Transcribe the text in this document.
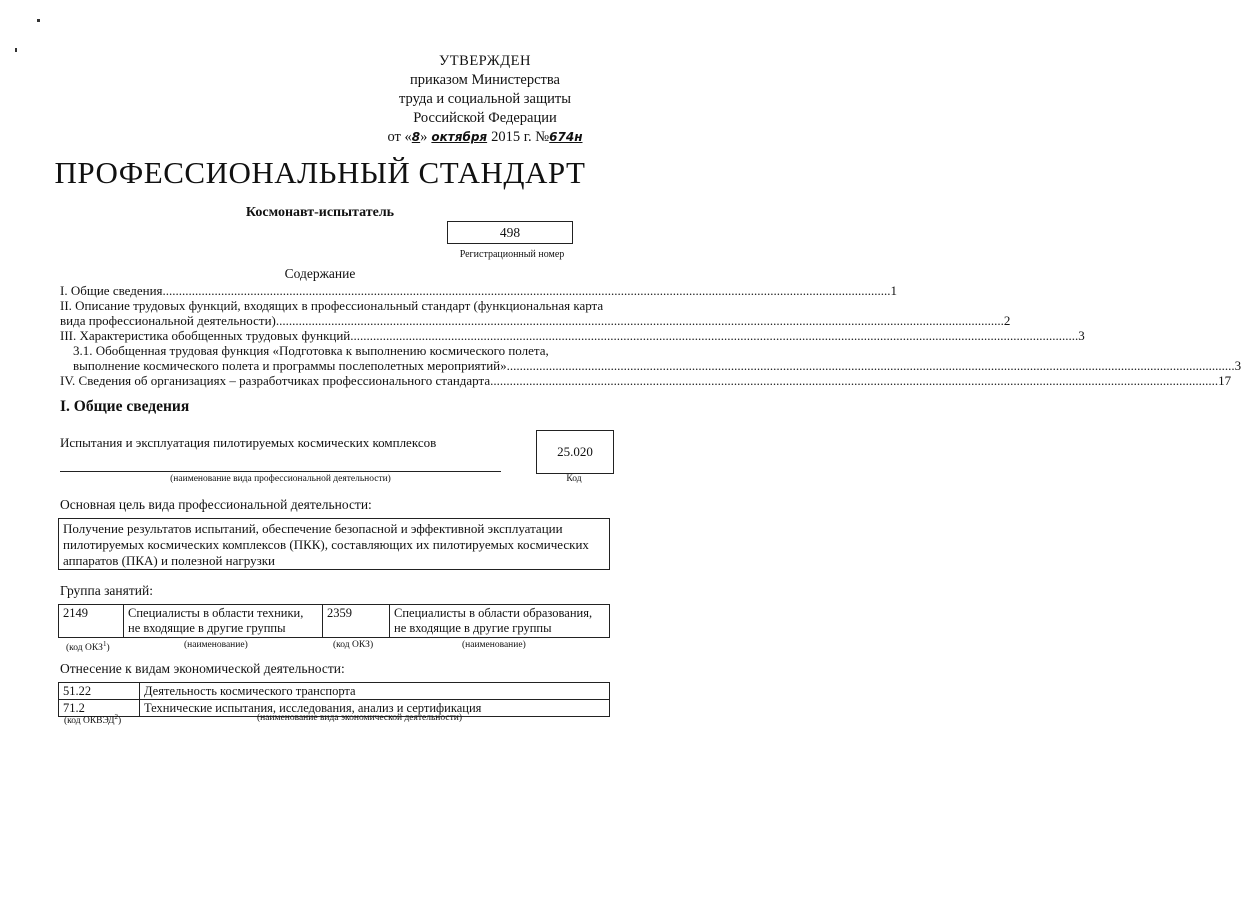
УТВЕРЖДЕН
приказом Министерства
труда и социальной защиты
Российской Федерации
от «8» октября 2015 г. №674н
ПРОФЕССИОНАЛЬНЫЙ СТАНДАРТ
Космонавт-испытатель
498
Регистрационный номер
Содержание
I. Общие сведения .....	1
II. Описание трудовых функций, входящих в профессиональный стандарт (функциональная карта
вида профессиональной деятельности) .....	2
III. Характеристика обобщенных трудовых функций .....	3
3.1. Обобщенная трудовая функция «Подготовка к выполнению космического полета,
выполнение космического полета и программы послеполетных мероприятий» .....	3
IV. Сведения об организациях – разработчиках профессионального стандарта .....	17
I. Общие сведения
Испытания и эксплуатация пилотируемых космических комплексов
(наименование вида профессиональной деятельности)
25.020
Код
Основная цель вида профессиональной деятельности:
Получение результатов испытаний, обеспечение безопасной и эффективной эксплуатации пилотируемых космических комплексов (ПКК), составляющих их пилотируемых космических аппаратов (ПКА) и полезной нагрузки
Группа занятий:
2149	Специалисты в области техники, не входящие в другие группы	2359	Специалисты в области образования, не входящие в другие группы
(код ОКЗ$^1$)	(наименование)	(код ОКЗ)	(наименование)
Отнесение к видам экономической деятельности:
51.22	Деятельность космического транспорта
71.2	Технические испытания, исследования, анализ и сертификация
(код ОКВЭД$^2$)	(наименование вида экономической деятельности)
